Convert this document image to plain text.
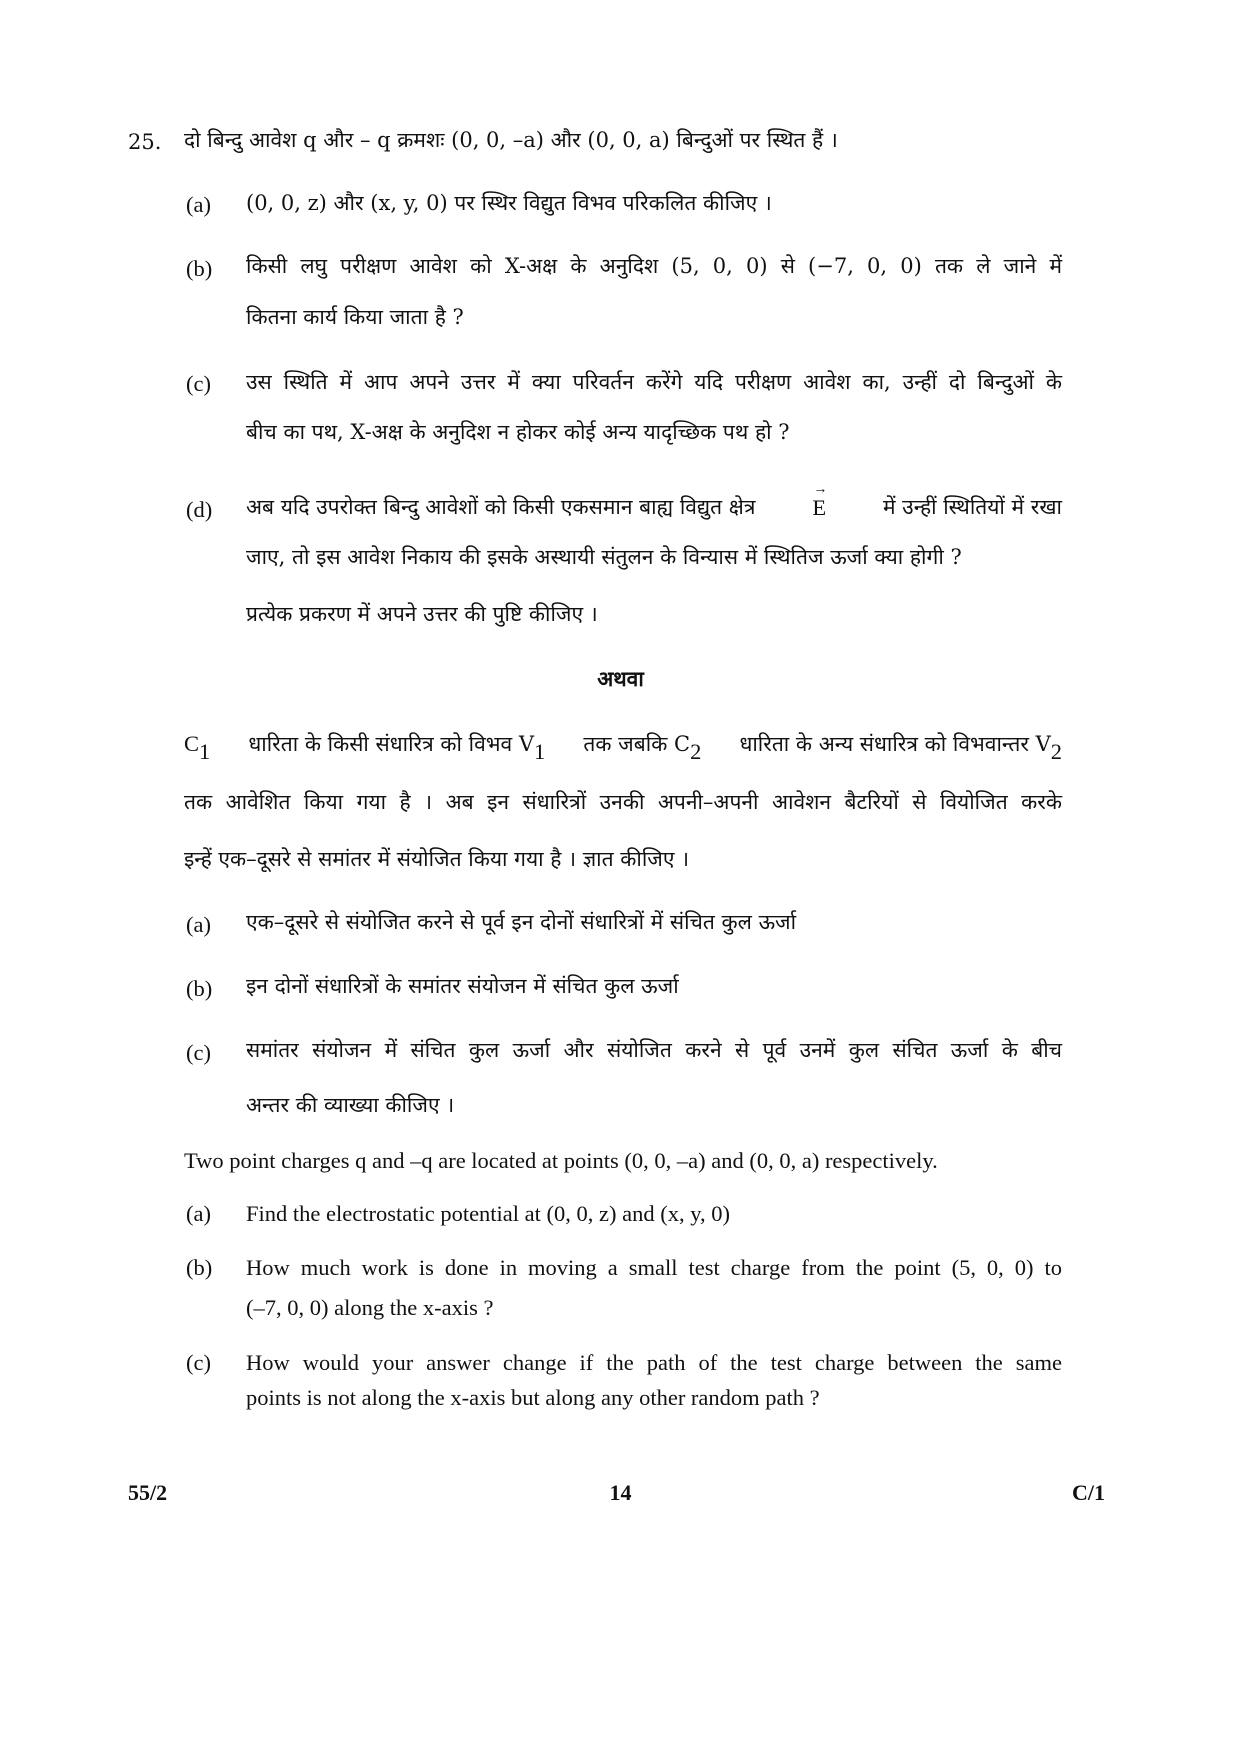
25. दो बिन्दु आवेश q और – q क्रमशः (0, 0, –a) और (0, 0, a) बिन्दुओं पर स्थित हैं ।
(a) (0, 0, z) और (x, y, 0) पर स्थिर विद्युत विभव परिकलित कीजिए ।
(b) किसी लघु परीक्षण आवेश को X-अक्ष के अनुदिश (5, 0, 0) से (−7, 0, 0) तक ले जाने में
कितना कार्य किया जाता है ?
(c) उस स्थिति में आप अपने उत्तर में क्या परिवर्तन करेंगे यदि परीक्षण आवेश का, उन्हीं दो बिन्दुओं के
बीच का पथ, X-अक्ष के अनुदिश न होकर कोई अन्य यादृच्छिक पथ हो ?
(d) अब यदि उपरोक्त बिन्दु आवेशों को किसी एकसमान बाह्य विद्युत क्षेत्र
→	E	में उन्हीं स्थितियों में रखा
जाए, तो इस आवेश निकाय की इसके अस्थायी संतुलन के विन्यास में स्थितिज ऊर्जा क्या होगी ?
प्रत्येक प्रकरण में अपने उत्तर की पुष्टि कीजिए ।
अथवा
$C_1$ धारिता के किसी संधारित्र को विभव $V_1$ तक जबकि $C_2$ धारिता के अन्य संधारित्र को विभवान्तर $V_2$
तक आवेशित किया गया है । अब इन संधारित्रों उनकी अपनी–अपनी आवेशन बैटरियों से वियोजित करके
इन्हें एक–दूसरे से समांतर में संयोजित किया गया है । ज्ञात कीजिए ।
(a) एक–दूसरे से संयोजित करने से पूर्व इन दोनों संधारित्रों में संचित कुल ऊर्जा
(b) इन दोनों संधारित्रों के समांतर संयोजन में संचित कुल ऊर्जा
(c) समांतर संयोजन में संचित कुल ऊर्जा और संयोजित करने से पूर्व उनमें कुल संचित ऊर्जा के बीच
अन्तर की व्याख्या कीजिए ।
Two point charges q and –q are located at points (0, 0, –a) and (0, 0, a) respectively.
(a) Find the electrostatic potential at (0, 0, z) and (x, y, 0)
(b) How much work is done in moving a small test charge from the point (5, 0, 0) to
(–7, 0, 0) along the x-axis ?
(c) How would your answer change if the path of the test charge between the same
points is not along the x-axis but along any other random path ?
55/2	14	C/1
